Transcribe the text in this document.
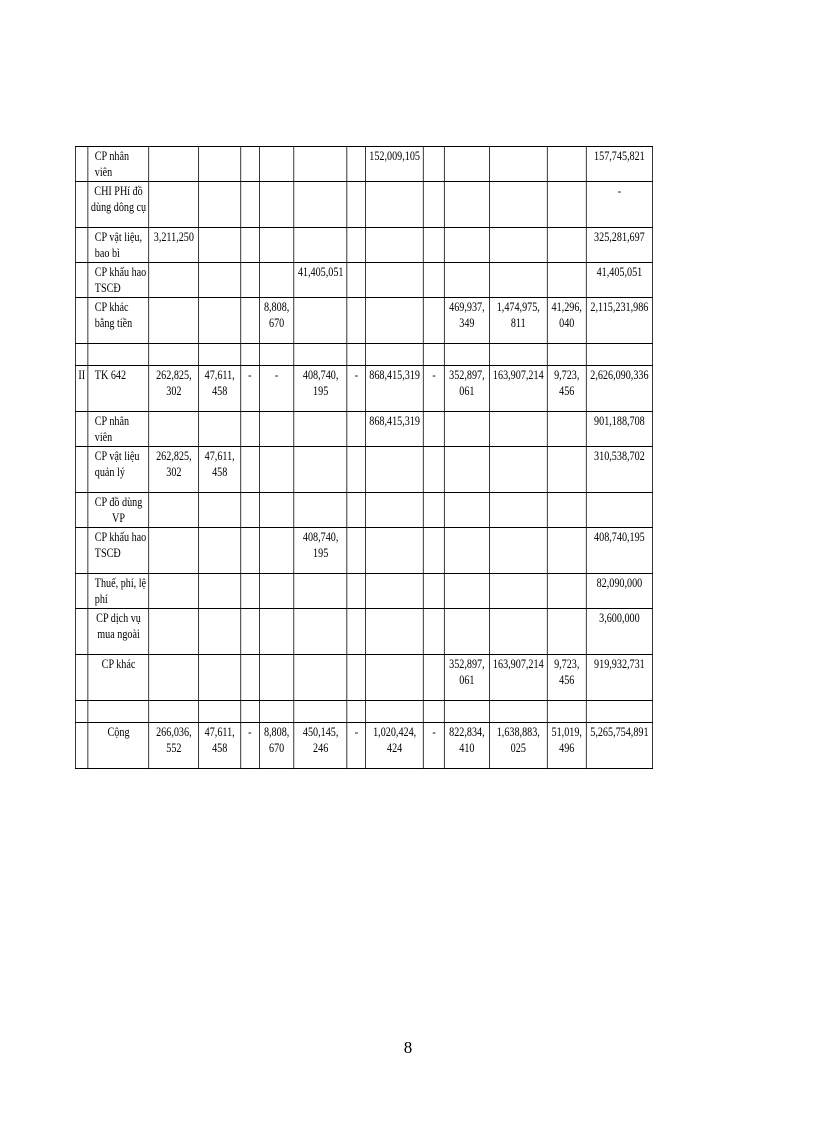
	CP nhân viên							152,009,105					157,745,821
	CHI PHí đồ dùng dông cụ												-
	CP vật liệu, bao bì	3,211,250											325,281,697
	CP khấu hao TSCĐ					41,405,051							41,405,051
	CP khác bằng tiền				8,808, 670					469,937, 349	1,474,975, 811	41,296, 040	2,115,231,986

II	TK 642	262,825, 302	47,611, 458	-	-	408,740, 195	-	868,415,319	-	352,897, 061	163,907,214	9,723, 456	2,626,090,336
	CP nhân viên							868,415,319					901,188,708
	CP vật liệu quản lý	262,825, 302	47,611, 458										310,538,702
	CP đồ dùng VP												
	CP khấu hao TSCĐ					408,740, 195							408,740,195
	Thuế, phí, lệ phí												82,090,000
	CP dịch vụ mua ngoài												3,600,000
	CP khác									352,897, 061	163,907,214	9,723, 456	919,932,731

	Cộng	266,036, 552	47,611, 458	-	8,808, 670	450,145, 246	-	1,020,424, 424	-	822,834, 410	1,638,883, 025	51,019, 496	5,265,754,891
8
